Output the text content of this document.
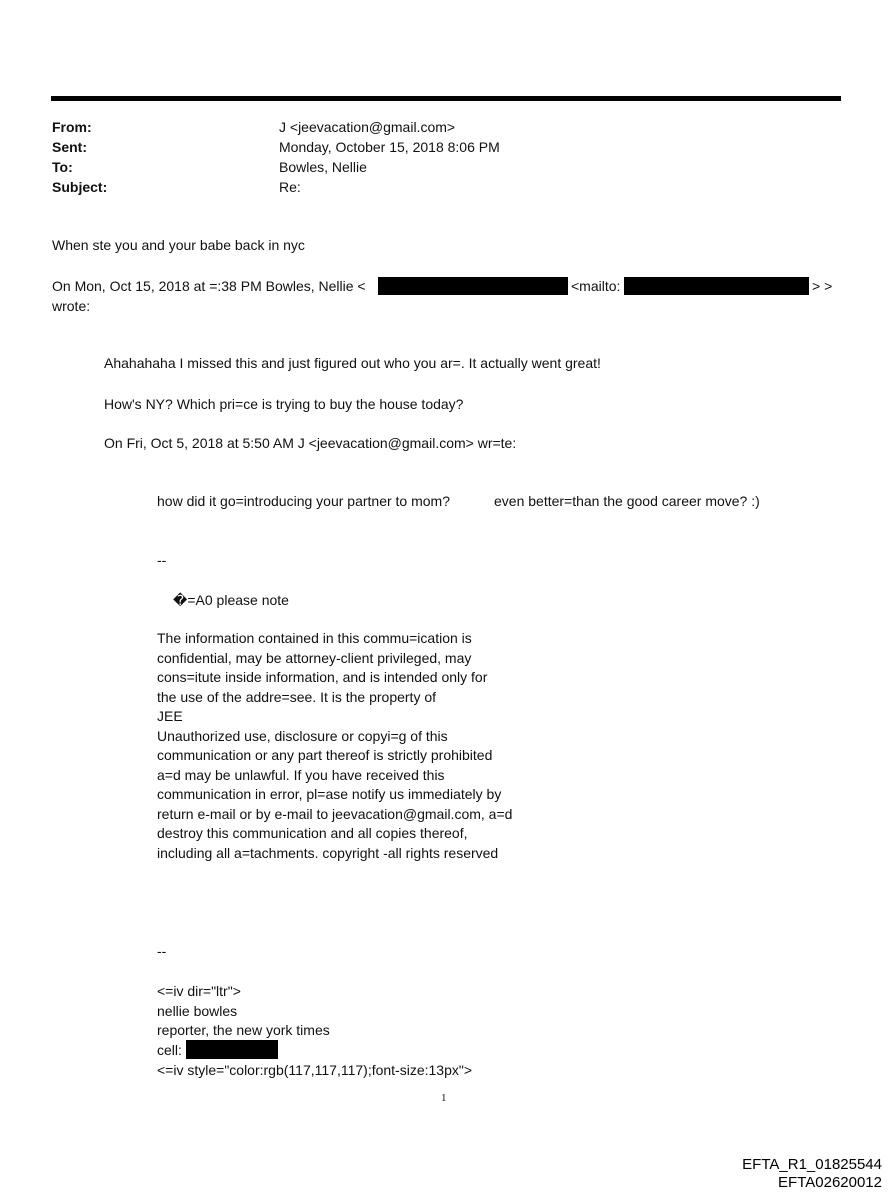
From:	J <jeevacation@gmail.com>
Sent:	Monday, October 15, 2018 8:06 PM
To:	Bowles, Nellie
Subject:	Re:
When ste you and your babe back in nyc
On Mon, Oct 15, 2018 at =:38 PM Bowles, Nellie <	<mailto:	> >
wrote:
Ahahahaha I missed this and just figured out who you ar=. It actually went great!
How's NY? Which pri=ce is trying to buy the house today?
On Fri, Oct 5, 2018 at 5:50 AM J <jeevacation@gmail.com> wr=te:
how did it go=introducing your partner to mom?	even better=than the good career move? :)
--
�=A0 please note
The information contained in this commu=ication is
confidential, may be attorney-client privileged, may
cons=itute inside information, and is intended only for
the use of the addre=see. It is the property of
JEE
Unauthorized use, disclosure or copyi=g of this
communication or any part thereof is strictly prohibited
a=d may be unlawful. If you have received this
communication in error, pl=ase notify us immediately by
return e-mail or by e-mail to jeevacation@gmail.com, a=d
destroy this communication and all copies thereof,
including all a=tachments. copyright -all rights reserved
--
<=iv dir="ltr">
nellie bowles
reporter, the new york times
cell:
<=iv style="color:rgb(117,117,117);font-size:13px">
1
EFTA_R1_01825544
EFTA02620012
